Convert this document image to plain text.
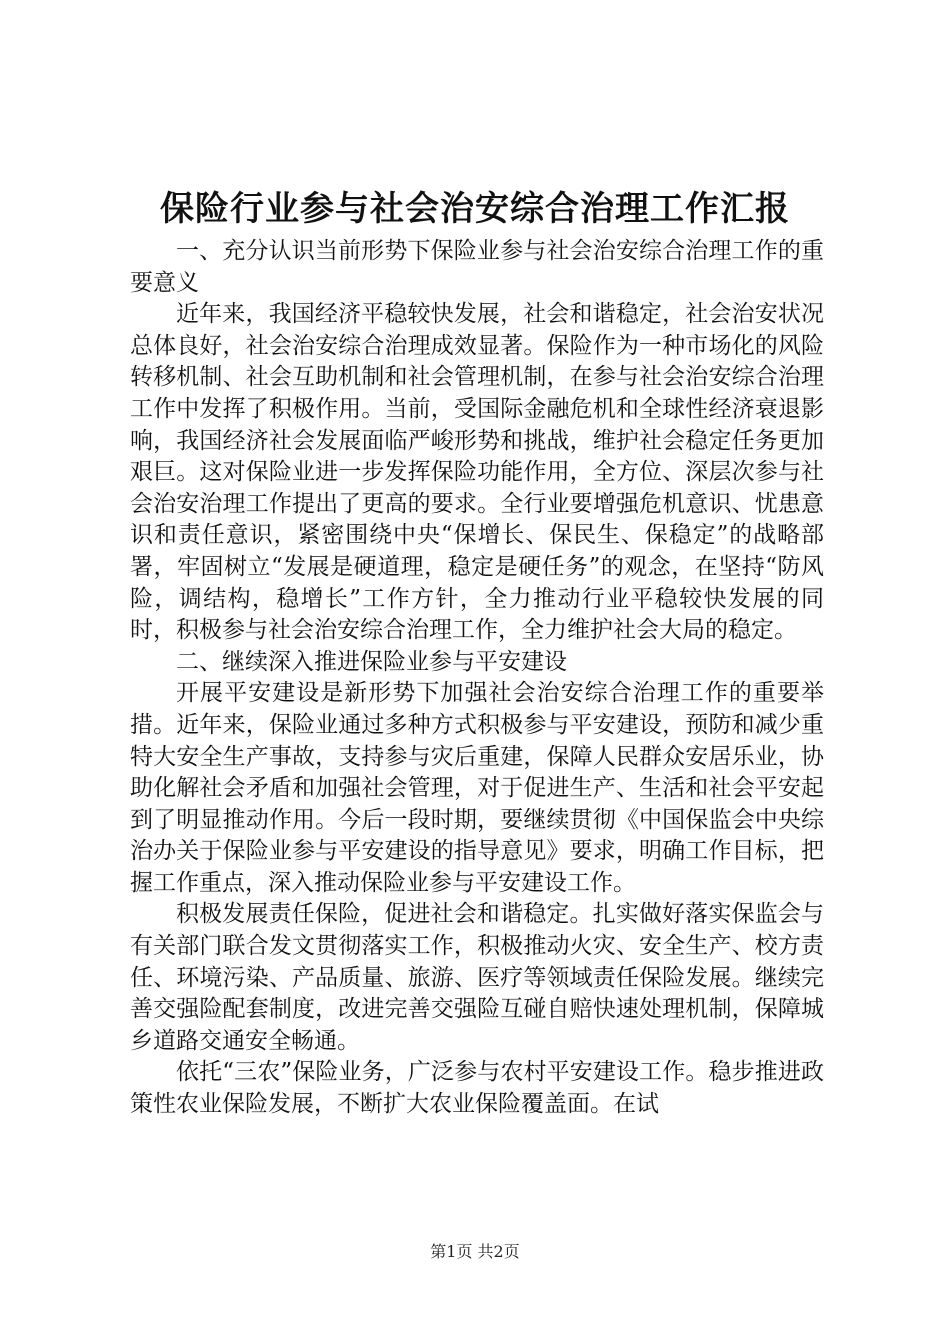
保险行业参与社会治安综合治理工作汇报

一、充分认识当前形势下保险业参与社会治安综合治理工作的重要意义

近年来，我国经济平稳较快发展，社会和谐稳定，社会治安状况总体良好，社会治安综合治理成效显著。保险作为一种市场化的风险转移机制、社会互助机制和社会管理机制，在参与社会治安综合治理工作中发挥了积极作用。当前，受国际金融危机和全球性经济衰退影响，我国经济社会发展面临严峻形势和挑战，维护社会稳定任务更加艰巨。这对保险业进一步发挥保险功能作用，全方位、深层次参与社会治安治理工作提出了更高的要求。全行业要增强危机意识、忧患意识和责任意识，紧密围绕中央“保增长、保民生、保稳定”的战略部署，牢固树立“发展是硬道理，稳定是硬任务”的观念，在坚持“防风险，调结构，稳增长”工作方针，全力推动行业平稳较快发展的同时，积极参与社会治安综合治理工作，全力维护社会大局的稳定。

二、继续深入推进保险业参与平安建设

开展平安建设是新形势下加强社会治安综合治理工作的重要举措。近年来，保险业通过多种方式积极参与平安建设，预防和减少重特大安全生产事故，支持参与灾后重建，保障人民群众安居乐业，协助化解社会矛盾和加强社会管理，对于促进生产、生活和社会平安起到了明显推动作用。今后一段时期，要继续贯彻《中国保监会中央综治办关于保险业参与平安建设的指导意见》要求，明确工作目标，把握工作重点，深入推动保险业参与平安建设工作。

积极发展责任保险，促进社会和谐稳定。扎实做好落实保监会与有关部门联合发文贯彻落实工作，积极推动火灾、安全生产、校方责任、环境污染、产品质量、旅游、医疗等领域责任保险发展。继续完善交强险配套制度，改进完善交强险互碰自赔快速处理机制，保障城乡道路交通安全畅通。

依托“三农”保险业务，广泛参与农村平安建设工作。稳步推进政策性农业保险发展，不断扩大农业保险覆盖面。在试

第1页 共2页
